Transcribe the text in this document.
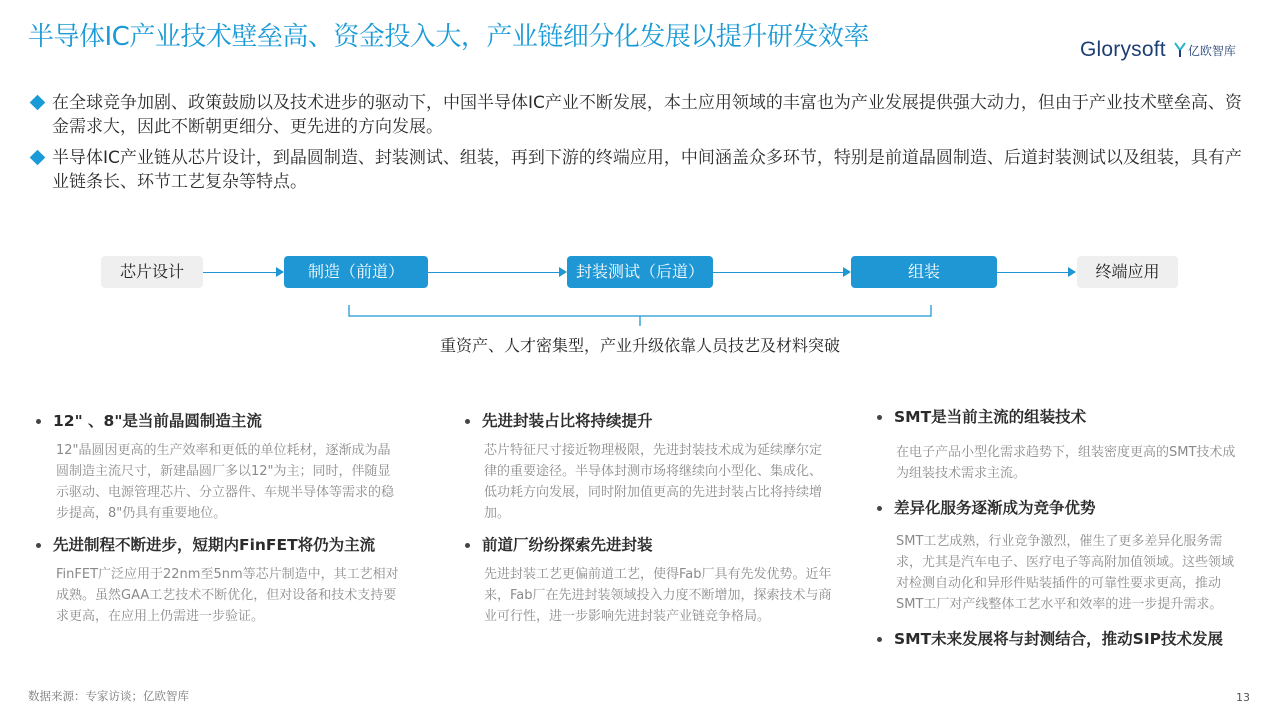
半导体IC产业技术壁垒高、资金投入大，产业链细分化发展以提升研发效率	Glorysoft 亿欧智库
在全球竞争加剧、政策鼓励以及技术进步的驱动下，中国半导体IC产业不断发展，本土应用领域的丰富也为产业发展提供强大动力，但由于产业技术壁垒高、资金需求大，因此不断朝更细分、更先进的方向发展。
半导体IC产业链从芯片设计，到晶圆制造、封装测试、组装，再到下游的终端应用，中间涵盖众多环节，特别是前道晶圆制造、后道封装测试以及组装，具有产业链条长、环节工艺复杂等特点。
芯片设计	制造（前道）	封装测试（后道）	组装	终端应用
重资产、人才密集型，产业升级依靠人员技艺及材料突破
12" 、8"是当前晶圆制造主流
12"晶圆因更高的生产效率和更低的单位耗材，逐渐成为晶圆制造主流尺寸，新建晶圆厂多以12"为主；同时，伴随显示驱动、电源管理芯片、分立器件、车规半导体等需求的稳步提高，8"仍具有重要地位。
先进制程不断进步，短期内FinFET将仍为主流
FinFET广泛应用于22nm至5nm等芯片制造中，其工艺相对成熟。虽然GAA工艺技术不断优化，但对设备和技术支持要求更高，在应用上仍需进一步验证。
先进封装占比将持续提升
芯片特征尺寸接近物理极限，先进封装技术成为延续摩尔定律的重要途径。半导体封测市场将继续向小型化、集成化、低功耗方向发展，同时附加值更高的先进封装占比将持续增加。
前道厂纷纷探索先进封装
先进封装工艺更偏前道工艺，使得Fab厂具有先发优势。近年来，Fab厂在先进封装领域投入力度不断增加，探索技术与商业可行性，进一步影响先进封装产业链竞争格局。
SMT是当前主流的组装技术
在电子产品小型化需求趋势下，组装密度更高的SMT技术成为组装技术需求主流。
差异化服务逐渐成为竞争优势
SMT工艺成熟，行业竞争激烈，催生了更多差异化服务需求，尤其是汽车电子、医疗电子等高附加值领域。这些领域对检测自动化和异形件贴装插件的可靠性要求更高，推动SMT工厂对产线整体工艺水平和效率的进一步提升需求。
SMT未来发展将与封测结合，推动SIP技术发展
数据来源：专家访谈；亿欧智库	13
